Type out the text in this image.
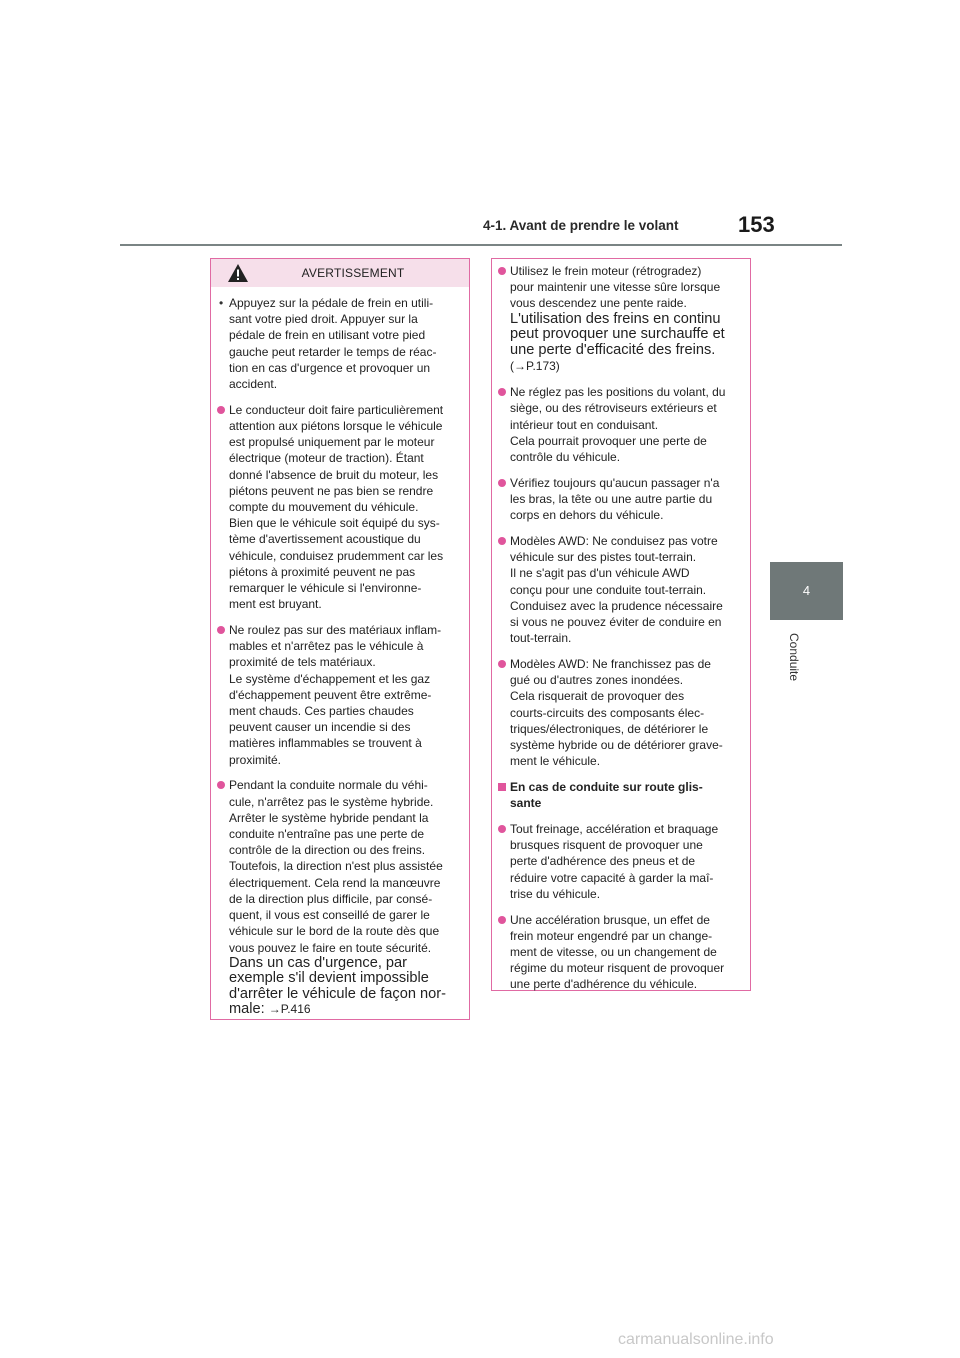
4-1. Avant de prendre le volant	153
4
Conduite
AVERTISSEMENT
• Appuyez sur la pédale de frein en utili-
sant votre pied droit. Appuyer sur la
pédale de frein en utilisant votre pied
gauche peut retarder le temps de réac-
tion en cas d'urgence et provoquer un
accident.
Le conducteur doit faire particulièrement
attention aux piétons lorsque le véhicule
est propulsé uniquement par le moteur
électrique (moteur de traction). Étant
donné l'absence de bruit du moteur, les
piétons peuvent ne pas bien se rendre
compte du mouvement du véhicule.
Bien que le véhicule soit équipé du sys-
tème d'avertissement acoustique du
véhicule, conduisez prudemment car les
piétons à proximité peuvent ne pas
remarquer le véhicule si l'environne-
ment est bruyant.
Ne roulez pas sur des matériaux inflam-
mables et n'arrêtez pas le véhicule à
proximité de tels matériaux.
Le système d'échappement et les gaz
d'échappement peuvent être extrême-
ment chauds. Ces parties chaudes
peuvent causer un incendie si des
matières inflammables se trouvent à
proximité.
Pendant la conduite normale du véhi-
cule, n'arrêtez pas le système hybride.
Arrêter le système hybride pendant la
conduite n'entraîne pas une perte de
contrôle de la direction ou des freins.
Toutefois, la direction n'est plus assistée
électriquement. Cela rend la manœuvre
de la direction plus difficile, par consé-
quent, il vous est conseillé de garer le
véhicule sur le bord de la route dès que
vous pouvez le faire en toute sécurité.
Dans un cas d'urgence, par
exemple s'il devient impossible
d'arrêter le véhicule de façon nor-
male: →P.416
Utilisez le frein moteur (rétrogradez)
pour maintenir une vitesse sûre lorsque
vous descendez une pente raide.
L'utilisation des freins en continu
peut provoquer une surchauffe et
une perte d'efficacité des freins.
(→P.173)
Ne réglez pas les positions du volant, du
siège, ou des rétroviseurs extérieurs et
intérieur tout en conduisant.
Cela pourrait provoquer une perte de
contrôle du véhicule.
Vérifiez toujours qu'aucun passager n'a
les bras, la tête ou une autre partie du
corps en dehors du véhicule.
Modèles AWD: Ne conduisez pas votre
véhicule sur des pistes tout-terrain.
Il ne s'agit pas d'un véhicule AWD
conçu pour une conduite tout-terrain.
Conduisez avec la prudence nécessaire
si vous ne pouvez éviter de conduire en
tout-terrain.
Modèles AWD: Ne franchissez pas de
gué ou d'autres zones inondées.
Cela risquerait de provoquer des
courts-circuits des composants élec-
triques/électroniques, de détériorer le
système hybride ou de détériorer grave-
ment le véhicule.
En cas de conduite sur route glis-
sante
Tout freinage, accélération et braquage
brusques risquent de provoquer une
perte d'adhérence des pneus et de
réduire votre capacité à garder la maî-
trise du véhicule.
Une accélération brusque, un effet de
frein moteur engendré par un change-
ment de vitesse, ou un changement de
régime du moteur risquent de provoquer
une perte d'adhérence du véhicule.
carmanualsonline.info
